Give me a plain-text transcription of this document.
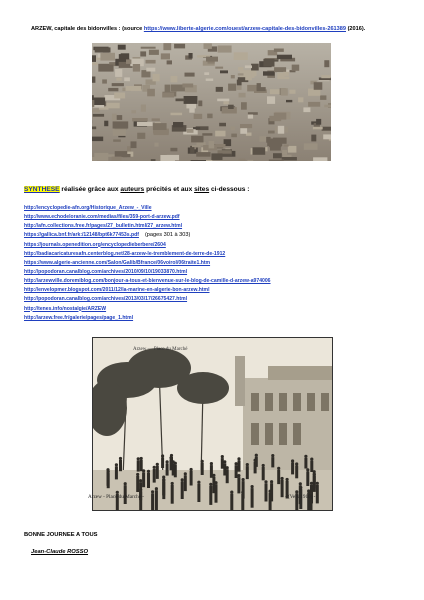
ARZEW, capitale des bidonvilles : (source https://www.liberte-algerie.com/ouest/arzew-capitale-des-bidonvilles-261389 (2016).
SYNTHESE réalisée grâce aux auteurs précités et aux sites ci-dessous :
http://encyclopedie-afn.org/Historique_Arzew_-_Ville
http://www.echodeloranie.com/medias/files/359-port-d-arzew.pdf
http://afn.collections.free.fr/pages/27_bulletin.html/27_arzew.html
https://gallica.bnf.fr/ark:/12148/bpt6k77453s.pdf (pages 301 à 303)
https://journals.openedition.org/encyclopedieberbere/2604
http://badiacaricaturesafn.centerblog.net/28-arzew-le-tremblement-de-terre-de-1912
https://www.algerie-ancienne.com/Salon/Galib/Bfrance/06voirol/06traite1.htm
http://popodoran.canalblog.com/archives/2010/09/10/19033870.html
http://arzewville.doremiblog.com/bonjour-a-tous-et-bienvenue-sur-le-blog-de-camille-d-arzew-a974006
http://envelopmer.blogspot.com/2011/12/la-marine-en-algerie-bon-arzew.html
http://popodoran.canalblog.com/archives/2013/03/17/26675427.html
http://tenes.info/nostalgie/ARZEW
http://arzew.free.fr/galerie/pages/page_1.html
Arzew — Place du Marché
Arzew - Place du Marché -	- (Vers 1910) -
BONNE JOURNEE A TOUS
Jean-Claude ROSSO
